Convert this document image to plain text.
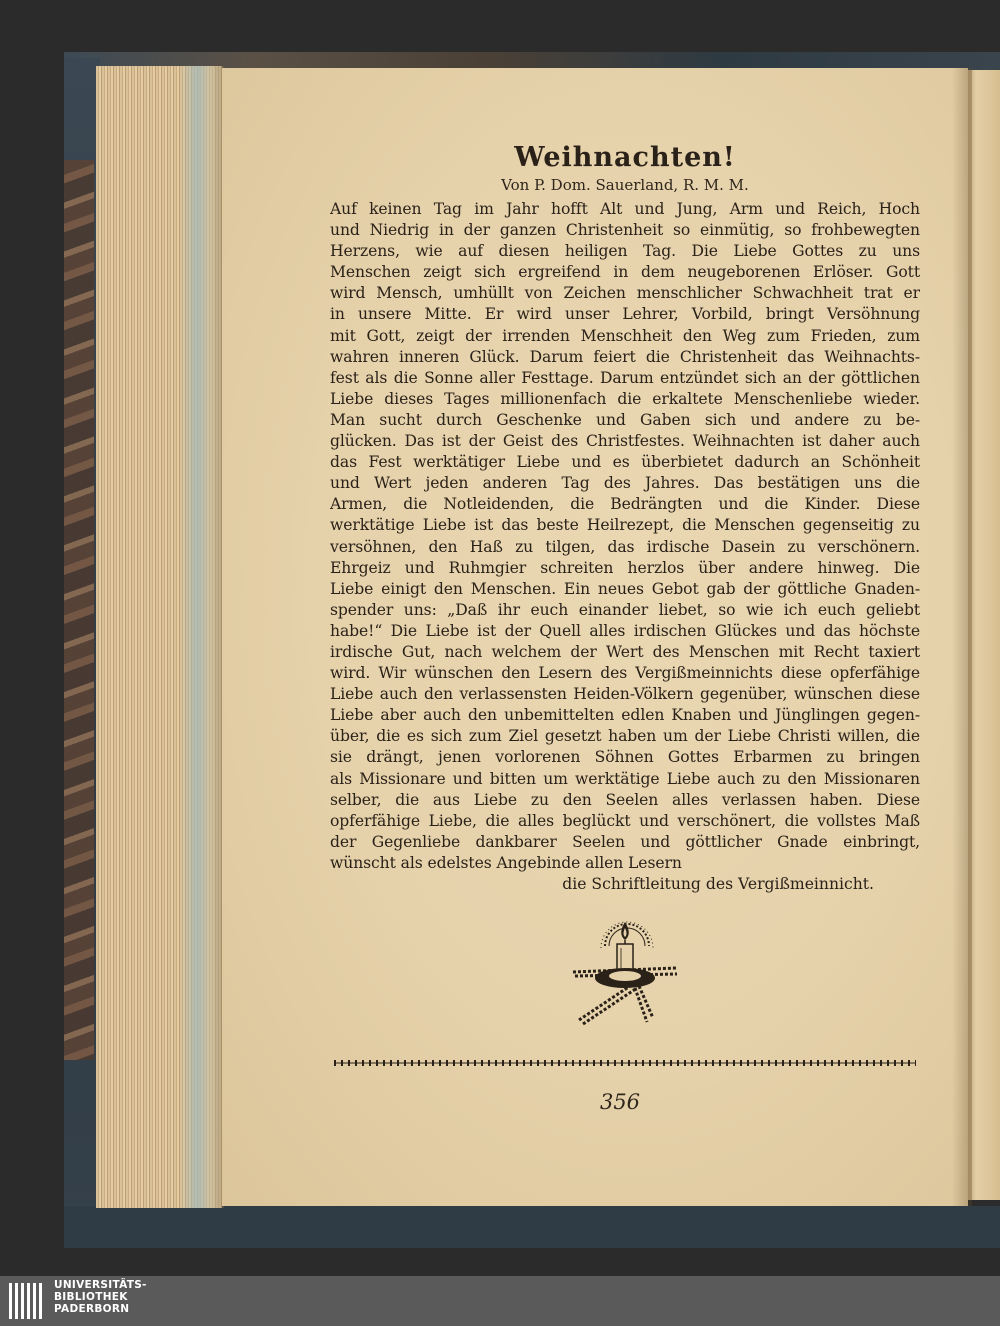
Weihnachten!
Von P. Dom. Sauerland, R. M. M.
Auf keinen Tag im Jahr hofft Alt und Jung, Arm und Reich, Hoch
und Niedrig in der ganzen Christenheit so einmütig, so frohbewegten
Herzens, wie auf diesen heiligen Tag. Die Liebe Gottes zu uns
Menschen zeigt sich ergreifend in dem neugeborenen Erlöser. Gott
wird Mensch, umhüllt von Zeichen menschlicher Schwachheit trat er
in unsere Mitte. Er wird unser Lehrer, Vorbild, bringt Versöhnung
mit Gott, zeigt der irrenden Menschheit den Weg zum Frieden, zum
wahren inneren Glück. Darum feiert die Christenheit das Weihnachts-
fest als die Sonne aller Festtage. Darum entzündet sich an der göttlichen
Liebe dieses Tages millionenfach die erkaltete Menschenliebe wieder.
Man sucht durch Geschenke und Gaben sich und andere zu be-
glücken. Das ist der Geist des Christfestes. Weihnachten ist daher auch
das Fest werktätiger Liebe und es überbietet dadurch an Schönheit
und Wert jeden anderen Tag des Jahres. Das bestätigen uns die
Armen, die Notleidenden, die Bedrängten und die Kinder. Diese
werktätige Liebe ist das beste Heilrezept, die Menschen gegenseitig zu
versöhnen, den Haß zu tilgen, das irdische Dasein zu verschönern.
Ehrgeiz und Ruhmgier schreiten herzlos über andere hinweg. Die
Liebe einigt den Menschen. Ein neues Gebot gab der göttliche Gnaden-
spender uns: „Daß ihr euch einander liebet, so wie ich euch geliebt
habe!“ Die Liebe ist der Quell alles irdischen Glückes und das höchste
irdische Gut, nach welchem der Wert des Menschen mit Recht taxiert
wird. Wir wünschen den Lesern des Vergißmeinnichts diese opferfähige
Liebe auch den verlassensten Heiden-Völkern gegenüber, wünschen diese
Liebe aber auch den unbemittelten edlen Knaben und Jünglingen gegen-
über, die es sich zum Ziel gesetzt haben um der Liebe Christi willen, die
sie drängt, jenen vorlorenen Söhnen Gottes Erbarmen zu bringen
als Missionare und bitten um werktätige Liebe auch zu den Missionaren
selber, die aus Liebe zu den Seelen alles verlassen haben. Diese
opferfähige Liebe, die alles beglückt und verschönert, die vollstes Maß
der Gegenliebe dankbarer Seelen und göttlicher Gnade einbringt,
wünscht als edelstes Angebinde allen Lesern
die Schriftleitung des Vergißmeinnicht.
356
UNIVERSITÄTS-
BIBLIOTHEK
PADERBORN
